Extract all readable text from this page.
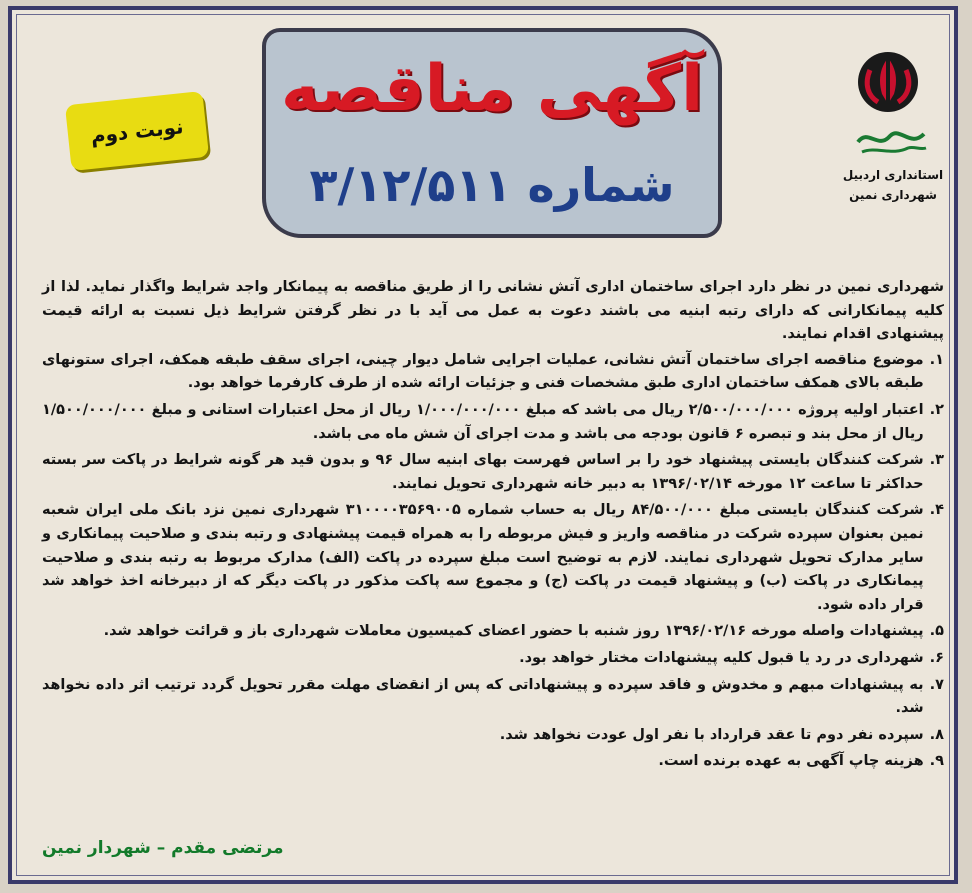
آگهی مناقصه
شماره ۳/۱۲/۵۱۱
نوبت دوم
استانداری اردبیل
شهرداری نمین

شهرداری نمین در نظر دارد اجرای ساختمان اداری آتش نشانی را از طریق مناقصه به پیمانکار واجد شرایط واگذار نماید. لذا از کلیه پیمانکارانی که دارای رتبه ابنیه می باشند دعوت به عمل می آید با در نظر گرفتن شرایط ذیل نسبت به ارائه قیمت پیشنهادی اقدام نمایند.

۱.
موضوع مناقصه اجرای ساختمان آتش نشانی، عملیات اجرایی شامل دیوار چینی، اجرای سقف طبقه همکف، اجرای ستونهای طبقه بالای همکف ساختمان اداری طبق مشخصات فنی و جزئیات ارائه شده از طرف کارفرما خواهد بود.
۲.
اعتبار اولیه پروژه ۲/۵۰۰/۰۰۰/۰۰۰ ریال می باشد که مبلغ ۱/۰۰۰/۰۰۰/۰۰۰ ریال از محل اعتبارات استانی و مبلغ ۱/۵۰۰/۰۰۰/۰۰۰ ریال از محل بند و تبصره ۶ قانون بودجه می باشد و مدت اجرای آن شش ماه می باشد.
۳.
شرکت کنندگان بایستی پیشنهاد خود را بر اساس فهرست بهای ابنیه سال ۹۶ و بدون قید هر گونه شرایط در پاکت سر بسته حداکثر تا ساعت ۱۲ مورخه ۱۳۹۶/۰۲/۱۴ به دبیر خانه شهرداری تحویل نمایند.
۴.
شرکت کنندگان بایستی مبلغ ۸۴/۵۰۰/۰۰۰ ریال به حساب شماره ۳۱۰۰۰۰۳۵۶۹۰۰۵ شهرداری نمین نزد بانک ملی ایران شعبه نمین بعنوان سپرده شرکت در مناقصه واریز و فیش مربوطه را به همراه قیمت پیشنهادی و رتبه بندی و صلاحیت پیمانکاری و سایر مدارک تحویل شهرداری نمایند. لازم به توضیح است مبلغ سپرده در پاکت (الف) مدارک مربوط به رتبه بندی و صلاحیت پیمانکاری در پاکت (ب) و پیشنهاد قیمت در پاکت (ج) و مجموع سه پاکت مذکور در پاکت دیگر که از دبیرخانه اخذ خواهد شد قرار داده شود.
۵.
پیشنهادات واصله مورخه ۱۳۹۶/۰۲/۱۶ روز شنبه با حضور اعضای کمیسیون معاملات شهرداری باز و قرائت خواهد شد.
۶.
شهرداری در رد یا قبول کلیه پیشنهادات مختار خواهد بود.
۷.
به پیشنهادات مبهم و مخدوش و فاقد سپرده و پیشنهاداتی که پس از انقضای مهلت مقرر تحویل گردد ترتیب اثر داده نخواهد شد.
۸.
سپرده نفر دوم تا عقد قرارداد با نفر اول عودت نخواهد شد.
۹.
هزینه چاپ آگهی به عهده برنده است.
مرتضی مقدم – شهردار نمین
